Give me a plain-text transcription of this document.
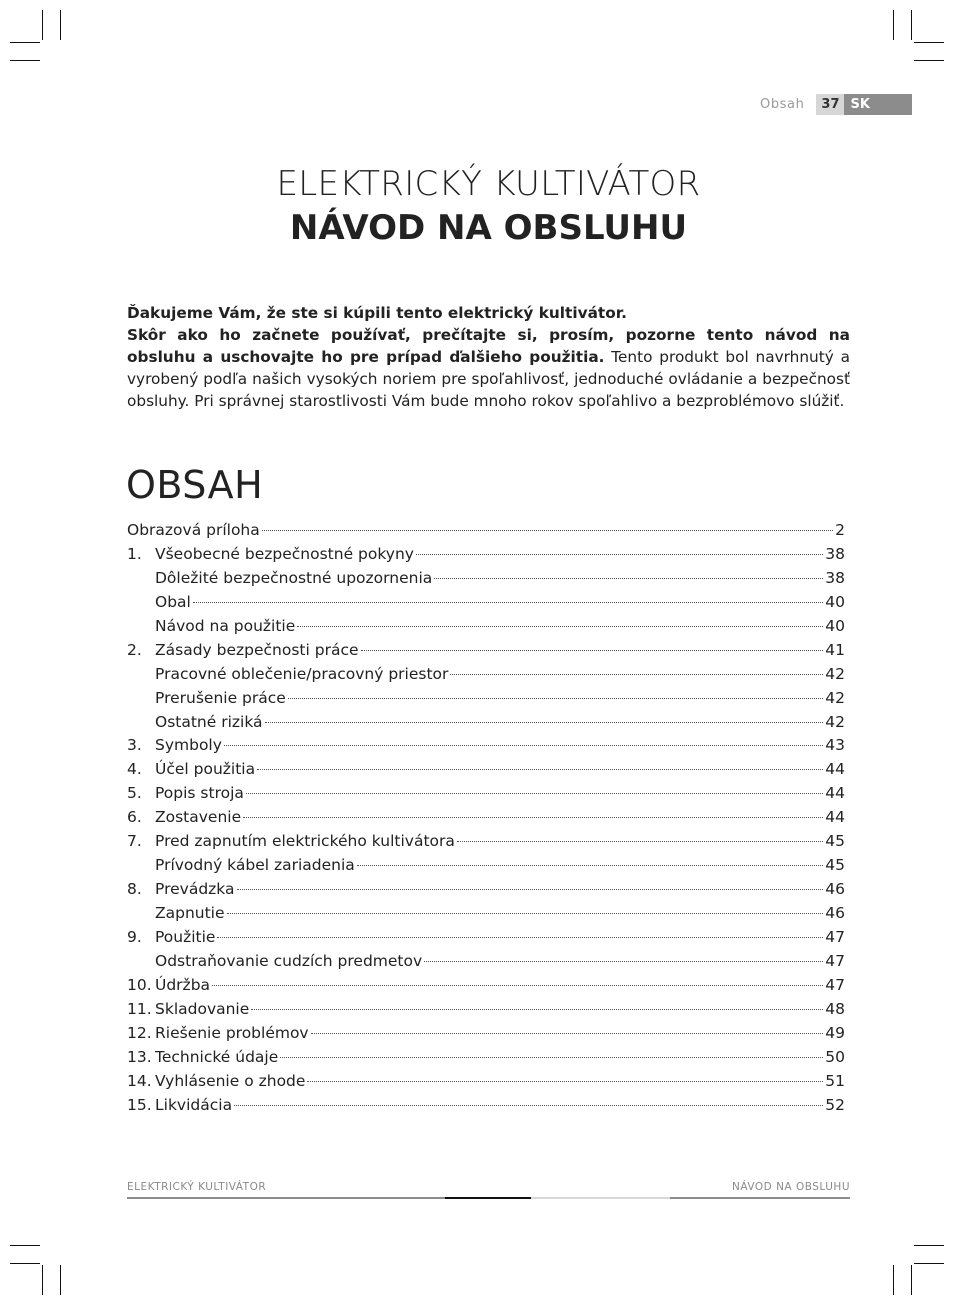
Obsah	37 SK
ELEKTRICKÝ KULTIVÁTOR
NÁVOD NA OBSLUHU
Ďakujeme Vám, že ste si kúpili tento elektrický kultivátor.
Skôr ako ho začnete používať, prečítajte si, prosím, pozorne tento návod na obsluhu a uschovajte ho pre prípad ďalšieho použitia. Tento produkt bol navrhnutý a vyrobený podľa našich vysokých noriem pre spoľahlivosť, jednoduché ovládanie a bezpečnosť obsluhy. Pri správnej starostlivosti Vám bude mnoho rokov spoľahlivo a bezproblémovo slúžiť.
OBSAH
Obrazová príloha	2
1. Všeobecné bezpečnostné pokyny	38
Dôležité bezpečnostné upozornenia	38
Obal	40
Návod na použitie	40
2. Zásady bezpečnosti práce	41
Pracovné oblečenie/pracovný priestor	42
Prerušenie práce	42
Ostatné riziká	42
3. Symboly	43
4. Účel použitia	44
5. Popis stroja	44
6. Zostavenie	44
7. Pred zapnutím elektrického kultivátora	45
Prívodný kábel zariadenia	45
8. Prevádzka	46
Zapnutie	46
9. Použitie	47
Odstraňovanie cudzích predmetov	47
10. Údržba	47
11. Skladovanie	48
12. Riešenie problémov	49
13. Technické údaje	50
14. Vyhlásenie o zhode	51
15. Likvidácia	52
ELEKTRICKÝ KULTIVÁTOR	NÁVOD NA OBSLUHU
